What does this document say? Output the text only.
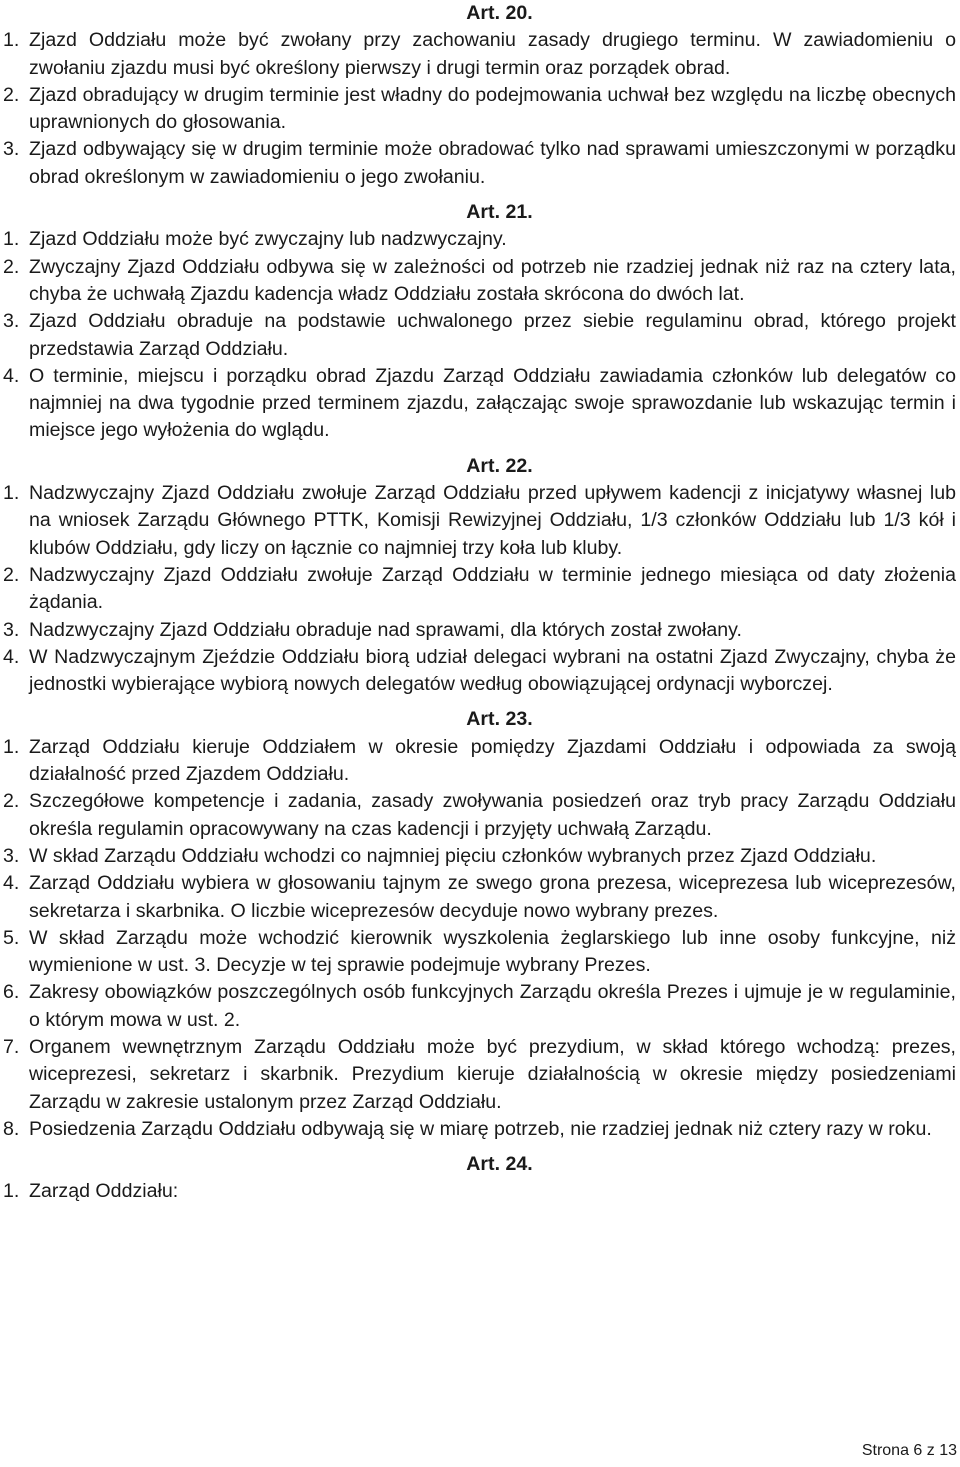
Art. 20.
1. Zjazd Oddziału może być zwołany przy zachowaniu zasady drugiego terminu. W zawiadomieniu o zwołaniu zjazdu musi być określony pierwszy i drugi termin oraz porządek obrad.
2. Zjazd obradujący w drugim terminie jest władny do podejmowania uchwał bez względu na liczbę obecnych uprawnionych do głosowania.
3. Zjazd odbywający się w drugim terminie może obradować tylko nad sprawami umieszczonymi w porządku obrad określonym w zawiadomieniu o jego zwołaniu.
Art. 21.
1. Zjazd Oddziału może być zwyczajny lub nadzwyczajny.
2. Zwyczajny Zjazd Oddziału odbywa się w zależności od potrzeb nie rzadziej jednak niż raz na cztery lata, chyba że uchwałą Zjazdu kadencja władz Oddziału została skrócona do dwóch lat.
3. Zjazd Oddziału obraduje na podstawie uchwalonego przez siebie regulaminu obrad, którego projekt przedstawia Zarząd Oddziału.
4. O terminie, miejscu i porządku obrad Zjazdu Zarząd Oddziału zawiadamia członków lub delegatów co najmniej na dwa tygodnie przed terminem zjazdu, załączając swoje sprawozdanie lub wskazując termin i miejsce jego wyłożenia do wglądu.
Art. 22.
1. Nadzwyczajny Zjazd Oddziału zwołuje Zarząd Oddziału przed upływem kadencji z inicjatywy własnej lub na wniosek Zarządu Głównego PTTK, Komisji Rewizyjnej Oddziału, 1/3 członków Oddziału lub 1/3 kół i klubów Oddziału, gdy liczy on łącznie co najmniej trzy koła lub kluby.
2. Nadzwyczajny Zjazd Oddziału zwołuje Zarząd Oddziału w terminie jednego miesiąca od daty złożenia żądania.
3. Nadzwyczajny Zjazd Oddziału obraduje nad sprawami, dla których został zwołany.
4. W Nadzwyczajnym Zjeździe Oddziału biorą udział delegaci wybrani na ostatni Zjazd Zwyczajny, chyba że jednostki wybierające wybiorą nowych delegatów według obowiązującej ordynacji wyborczej.
Art. 23.
1. Zarząd Oddziału kieruje Oddziałem w okresie pomiędzy Zjazdami Oddziału i odpowiada za swoją działalność przed Zjazdem Oddziału.
2. Szczegółowe kompetencje i zadania, zasady zwoływania posiedzeń oraz tryb pracy Zarządu Oddziału określa regulamin opracowywany na czas kadencji i przyjęty uchwałą Zarządu.
3. W skład Zarządu Oddziału wchodzi co najmniej pięciu członków wybranych przez Zjazd Oddziału.
4. Zarząd Oddziału wybiera w głosowaniu tajnym ze swego grona prezesa, wiceprezesa lub wiceprezesów, sekretarza i skarbnika. O liczbie wiceprezesów decyduje nowo wybrany prezes.
5. W skład Zarządu może wchodzić kierownik wyszkolenia żeglarskiego lub inne osoby funkcyjne, niż wymienione w ust. 3. Decyzje w tej sprawie podejmuje wybrany Prezes.
6. Zakresy obowiązków poszczególnych osób funkcyjnych Zarządu określa Prezes i ujmuje je w regulaminie, o którym mowa w ust. 2.
7. Organem wewnętrznym Zarządu Oddziału może być prezydium, w skład którego wchodzą: prezes, wiceprezesi, sekretarz i skarbnik. Prezydium kieruje działalnością w okresie między posiedzeniami Zarządu w zakresie ustalonym przez Zarząd Oddziału.
8. Posiedzenia Zarządu Oddziału odbywają się w miarę potrzeb, nie rzadziej jednak niż cztery razy w roku.
Art. 24.
1. Zarząd Oddziału:
Strona 6 z 13
